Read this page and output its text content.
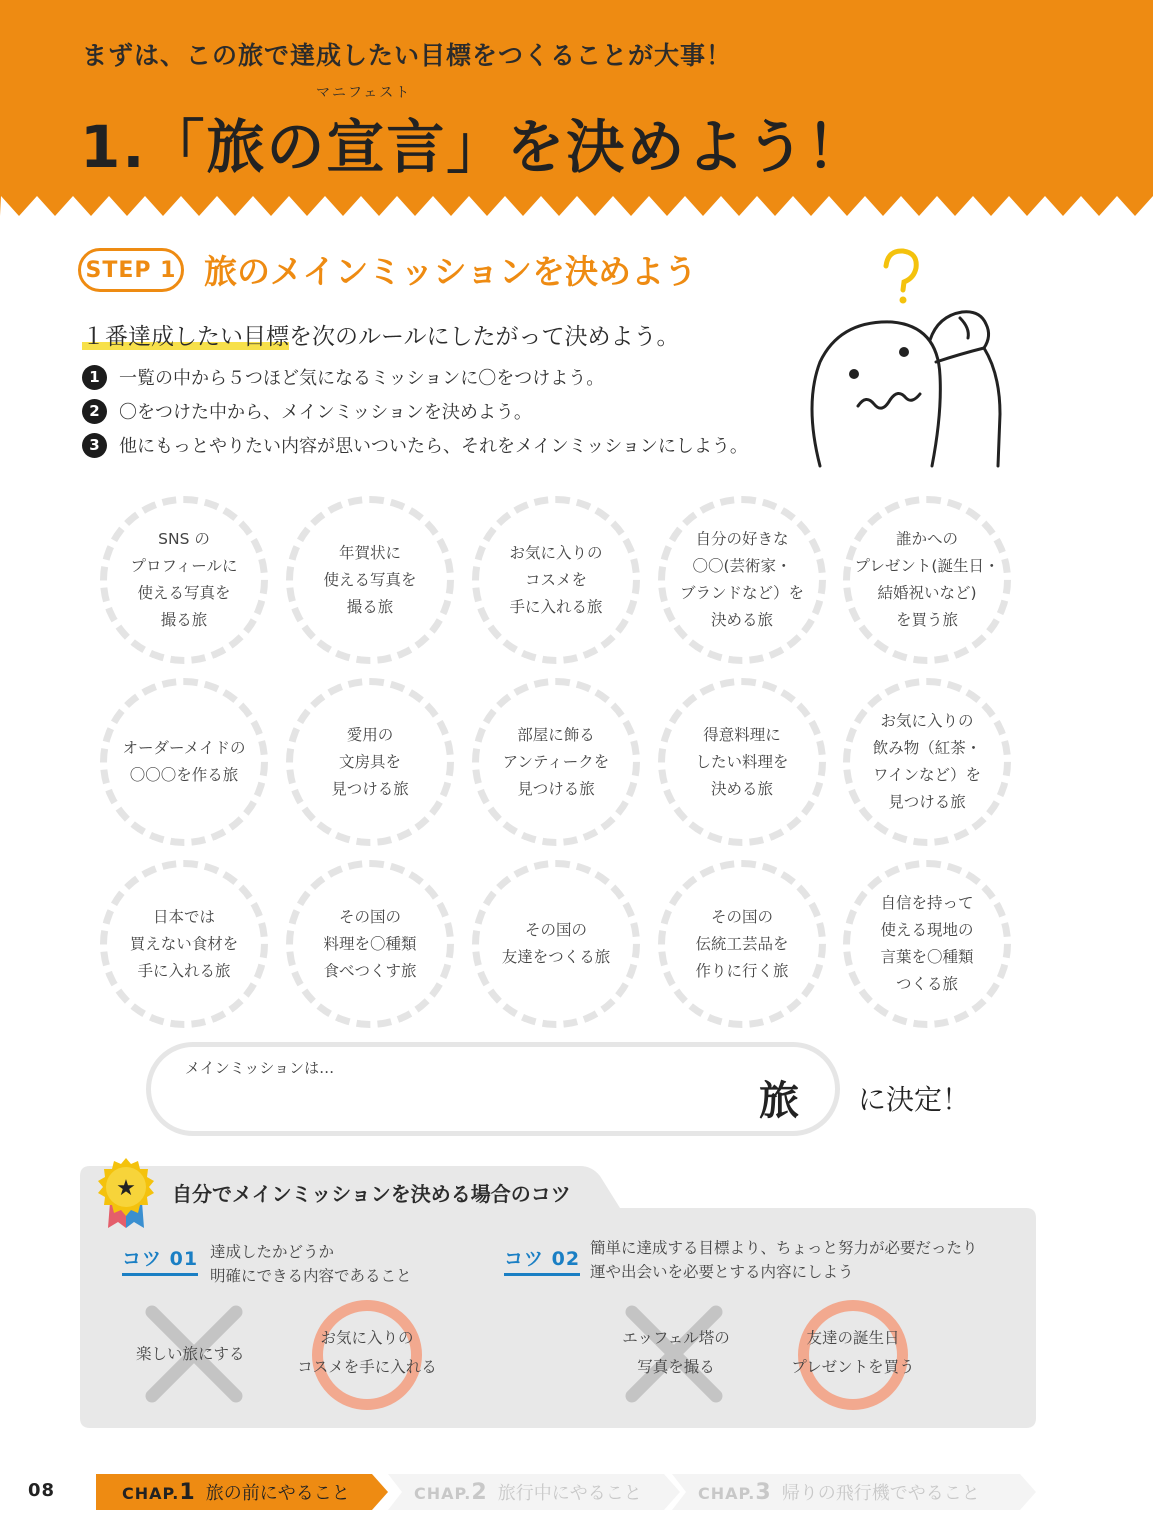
まずは、この旅で達成したい目標をつくることが大事！
マニフェスト
1.「旅の宣言」を決めよう！
STEP 1 旅のメインミッションを決めよう
１番達成したい目標を次のルールにしたがって決めよう。
1	一覧の中から５つほど気になるミッションに〇をつけよう。
2	〇をつけた中から、メインミッションを決めよう。
3	他にもっとやりたい内容が思いついたら、それをメインミッションにしよう。
SNS の
プロフィールに
使える写真を
撮る旅
年賀状に
使える写真を
撮る旅
お気に入りの
コスメを
手に入れる旅
自分の好きな
〇〇(芸術家・
ブランドなど）を
決める旅
誰かへの
プレゼント(誕生日・
結婚祝いなど)
を買う旅
オーダーメイドの
〇〇〇を作る旅
愛用の
文房具を
見つける旅
部屋に飾る
アンティークを
見つける旅
得意料理に
したい料理を
決める旅
お気に入りの
飲み物（紅茶・
ワインなど）を
見つける旅
日本では
買えない食材を
手に入れる旅
その国の
料理を〇種類
食べつくす旅
その国の
友達をつくる旅
その国の
伝統工芸品を
作りに行く旅
自信を持って
使える現地の
言葉を〇種類
つくる旅
メインミッションは…
旅 に決定！
★ 自分でメインミッションを決める場合のコツ
コツ 01 達成したかどうか
明確にできる内容であること
楽しい旅にする
お気に入りの
コスメを手に入れる
コツ 02 簡単に達成する目標より、ちょっと努力が必要だったり
運や出会いを必要とする内容にしよう
エッフェル塔の
写真を撮る
友達の誕生日
プレゼントを買う
08	CHAP.1 旅の前にやること	CHAP.2 旅行中にやること	CHAP.3 帰りの飛行機でやること
